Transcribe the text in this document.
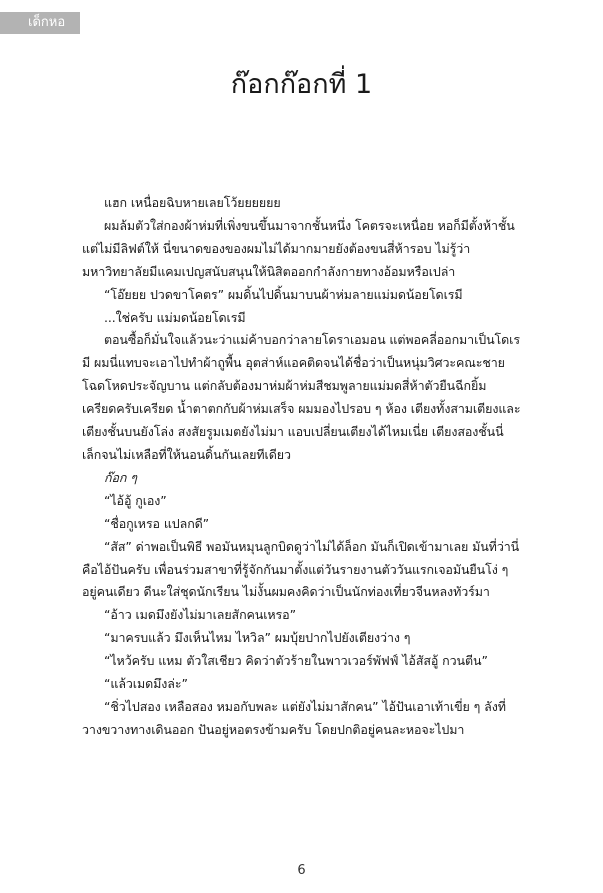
เด็กหอ
ก๊อกก๊อกที่ 1

แฮก เหนื่อยฉิบหายเลยโว้ยยยยยย

ผมล้มตัวใส่กองผ้าห่มที่เพิ่งขนขึ้นมาจากชั้นหนึ่ง โคตรจะเหนื่อย หอก็มีตั้งห้าชั้นแต่ไม่มีลิฟต์ให้ นี่ขนาดของของผมไม่ได้มากมายยังต้องขนสี่ห้ารอบ ไม่รู้ว่ามหาวิทยาลัยมีแคมเปญสนับสนุนให้นิสิตออกกำลังกายทางอ้อมหรือเปล่า

“โอ๊ยยย ปวดขาโคตร” ผมดิ้นไปดิ้นมาบนผ้าห่มลายแม่มดน้อยโดเรมี

...ใช่ครับ แม่มดน้อยโดเรมี

ตอนซื้อก็มั่นใจแล้วนะว่าแม่ค้าบอกว่าลายโดราเอมอน แต่พอคลี่ออกมาเป็นโดเรมี ผมนี่แทบจะเอาไปทำผ้าถูพื้น อุตส่าห์แอคติดจนได้ชื่อว่าเป็นหนุ่มวิศวะคณะชายโฉดโหดประจัญบาน แต่กลับต้องมาห่มผ้าห่มสีชมพูลายแม่มดสี่ห้าตัวยืนฉีกยิ้ม เครียดครับเครียด น้ำตาตกกับผ้าห่มเสร็จ ผมมองไปรอบ ๆ ห้อง เตียงทั้งสามเตียงและเตียงชั้นบนยังโล่ง สงสัยรูมเมตยังไม่มา แอบเปลี่ยนเตียงได้ไหมเนี่ย เตียงสองชั้นนี่เล็กจนไม่เหลือที่ให้นอนดิ้นกันเลยทีเดียว

ก๊อก ๆ

“ไอ้อู้ กูเอง”

“ชื่อกูเหรอ แปลกดี”

“สัส” ด่าพอเป็นพิธี พอมันหมุนลูกบิดดูว่าไม่ได้ล็อก มันก็เปิดเข้ามาเลย มันที่ว่านี่คือไอ้ปันครับ เพื่อนร่วมสาขาที่รู้จักกันมาตั้งแต่วันรายงานตัววันแรกเจอมันยืนโง่ ๆ อยู่คนเดียว ดีนะใส่ชุดนักเรียน ไม่งั้นผมคงคิดว่าเป็นนักท่องเที่ยวจีนหลงทัวร์มา

“อ้าว เมดมึงยังไม่มาเลยสักคนเหรอ”

“มาครบแล้ว มึงเห็นไหม ไหวิล” ผมบุ้ยปากไปยังเตียงว่าง ๆ

“ไหว้ครับ แหม ตัวใสเชียว คิดว่าตัวร้ายในพาวเวอร์พัฟฟ์ ไอ้สัสอู้ กวนตีน”

“แล้วเมดมึงล่ะ”

“ชิ่วไปสอง เหลือสอง หมอกับพละ แต่ยังไม่มาสักคน” ไอ้ปันเอาเท้าเขี่ย ๆ ลังที่วางขวางทางเดินออก ปันอยู่หอตรงข้ามครับ โดยปกติอยู่คนละหอจะไปมา

6
